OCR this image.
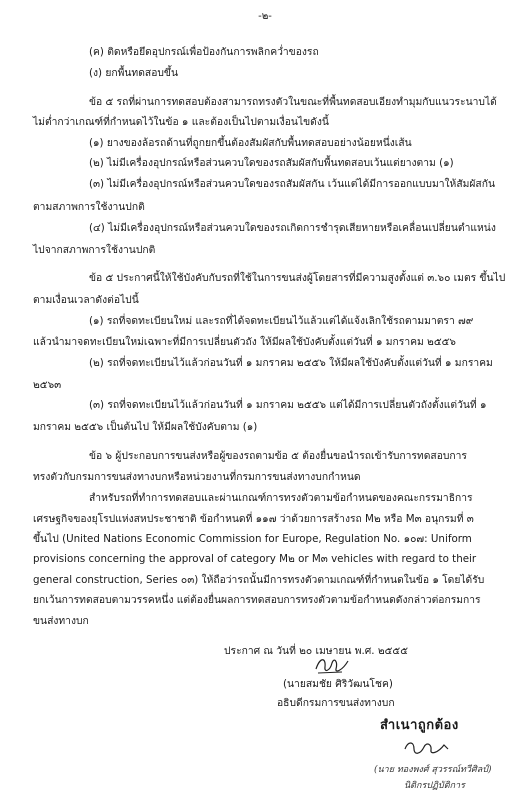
-๒-
(ค) ติดหรือยึดอุปกรณ์เพื่อป้องกันการพลิกคว่ำของรถ
(ง) ยกพื้นทดสอบขึ้น
ข้อ ๕ รถที่ผ่านการทดสอบต้องสามารถทรงตัวในขณะที่พื้นทดสอบเอียงทำมุมกับแนวระนาบได้
ไม่ต่ำกว่าเกณฑ์ที่กำหนดไว้ในข้อ ๑ และต้องเป็นไปตามเงื่อนไขดังนี้
(๑) ยางของล้อรถด้านที่ถูกยกขึ้นต้องสัมผัสกับพื้นทดสอบอย่างน้อยหนึ่งเส้น
(๒) ไม่มีเครื่องอุปกรณ์หรือส่วนควบใดของรถสัมผัสกับพื้นทดสอบเว้นแต่ยางตาม (๑)
(๓) ไม่มีเครื่องอุปกรณ์หรือส่วนควบใดของรถสัมผัสกัน เว้นแต่ได้มีการออกแบบมาให้สัมผัสกัน
ตามสภาพการใช้งานปกติ
(๔) ไม่มีเครื่องอุปกรณ์หรือส่วนควบใดของรถเกิดการชำรุดเสียหายหรือเคลื่อนเปลี่ยนตำแหน่ง
ไปจากสภาพการใช้งานปกติ
ข้อ ๕ ประกาศนี้ให้ใช้บังคับกับรถที่ใช้ในการขนส่งผู้โดยสารที่มีความสูงตั้งแต่ ๓.๖๐ เมตร ขึ้นไป
ตามเงื่อนเวลาดังต่อไปนี้
(๑) รถที่จดทะเบียนใหม่ และรถที่ได้จดทะเบียนไว้แล้วแต่ได้แจ้งเลิกใช้รถตามมาตรา ๗๙
แล้วนำมาจดทะเบียนใหม่เฉพาะที่มีการเปลี่ยนตัวถัง ให้มีผลใช้บังคับตั้งแต่วันที่ ๑ มกราคม ๒๕๕๖
(๒) รถที่จดทะเบียนไว้แล้วก่อนวันที่ ๑ มกราคม ๒๕๕๖ ให้มีผลใช้บังคับตั้งแต่วันที่ ๑ มกราคม
๒๕๖๓
(๓) รถที่จดทะเบียนไว้แล้วก่อนวันที่ ๑ มกราคม ๒๕๕๖ แต่ได้มีการเปลี่ยนตัวถังตั้งแต่วันที่ ๑
มกราคม ๒๕๕๖ เป็นต้นไป ให้มีผลใช้บังคับตาม (๑)
ข้อ ๖ ผู้ประกอบการขนส่งหรือผู้ของรถตามข้อ ๕ ต้องยื่นขอนำรถเข้ารับการทดสอบการ
ทรงตัวกับกรมการขนส่งทางบกหรือหน่วยงานที่กรมการขนส่งทางบกกำหนด
สำหรับรถที่ทำการทดสอบและผ่านเกณฑ์การทรงตัวตามข้อกำหนดของคณะกรรมาธิการ
เศรษฐกิจของยุโรปแห่งสหประชาชาติ ข้อกำหนดที่ ๑๑๗ ว่าด้วยการสร้างรถ M๒ หรือ M๓ อนุกรมที่ ๓
ขึ้นไป (United Nations Economic Commission for Europe, Regulation No. ๑๐๗: Uniform
provisions concerning the approval of category M๒ or M๓ vehicles with regard to their
general construction, Series ๐๓) ให้ถือว่ารถนั้นมีการทรงตัวตามเกณฑ์ที่กำหนดในข้อ ๑ โดยได้รับ
ยกเว้นการทดสอบตามวรรคหนึ่ง แต่ต้องยื่นผลการทดสอบการทรงตัวตามข้อกำหนดดังกล่าวต่อกรมการ
ขนส่งทางบก
ประกาศ ณ วันที่ ๒๐ เมษายน พ.ศ. ๒๕๕๕
(นายสมชัย ศิริวัฒนโชค)
อธิบดีกรมการขนส่งทางบก
สำเนาถูกต้อง
(นาย ทองพงศ์ สุวรรณ์ทวีศิลป์)
นิติกรปฏิบัติการ
